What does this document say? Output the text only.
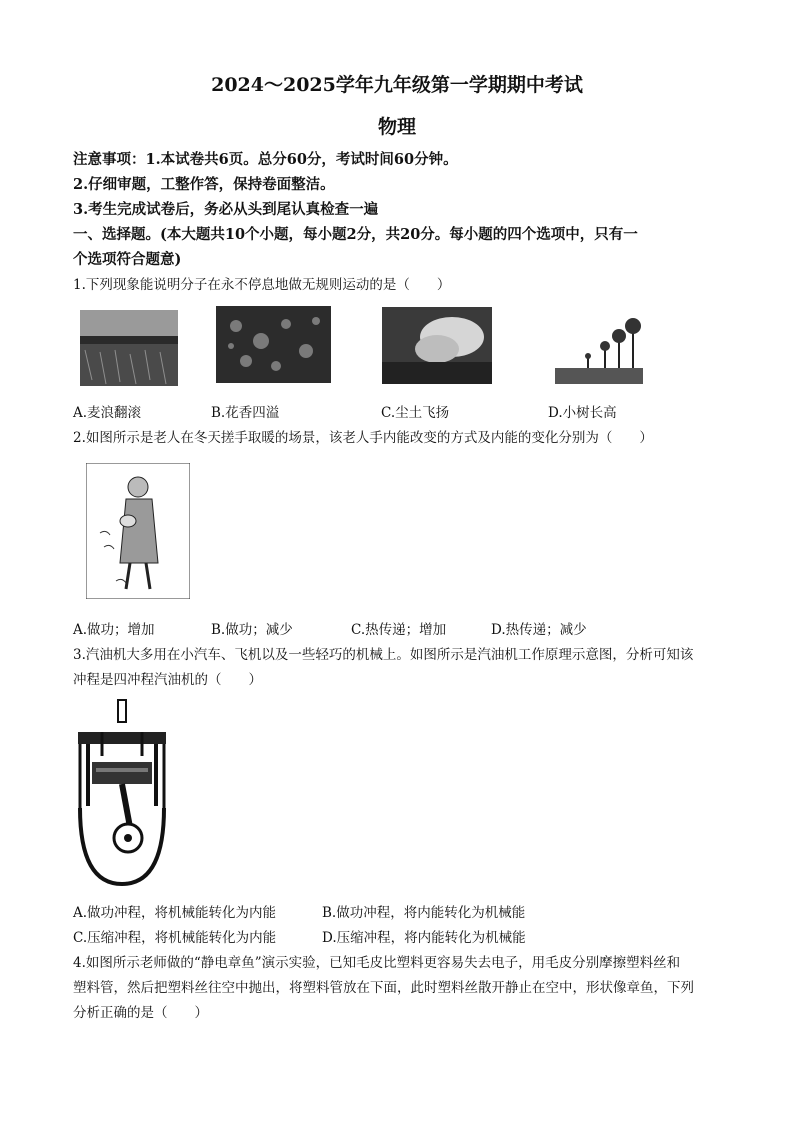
2024～2025学年九年级第一学期期中考试
物理
注意事项：1.本试卷共6页。总分60分，考试时间60分钟。
2.仔细审题，工整作答，保持卷面整洁。
3.考生完成试卷后，务必从头到尾认真检查一遍
一、选择题。(本大题共10个小题，每小题2分，共20分。每小题的四个选项中，只有一
个选项符合题意)
1.下列现象能说明分子在永不停息地做无规则运动的是（　　）
A.麦浪翻滚	B.花香四溢	C.尘土飞扬	D.小树长高
2.如图所示是老人在冬天搓手取暖的场景，该老人手内能改变的方式及内能的变化分别为（　　）
A.做功；增加	B.做功；减少	C.热传递；增加	D.热传递；减少
3.汽油机大多用在小汽车、飞机以及一些轻巧的机械上。如图所示是汽油机工作原理示意图，分析可知该
冲程是四冲程汽油机的（　　）
A.做功冲程，将机械能转化为内能	B.做功冲程，将内能转化为机械能
C.压缩冲程，将机械能转化为内能	D.压缩冲程，将内能转化为机械能
4.如图所示老师做的“静电章鱼”演示实验，已知毛皮比塑料更容易失去电子，用毛皮分别摩擦塑料丝和
塑料管，然后把塑料丝往空中抛出，将塑料管放在下面，此时塑料丝散开静止在空中，形状像章鱼，下列
分析正确的是（　　）
